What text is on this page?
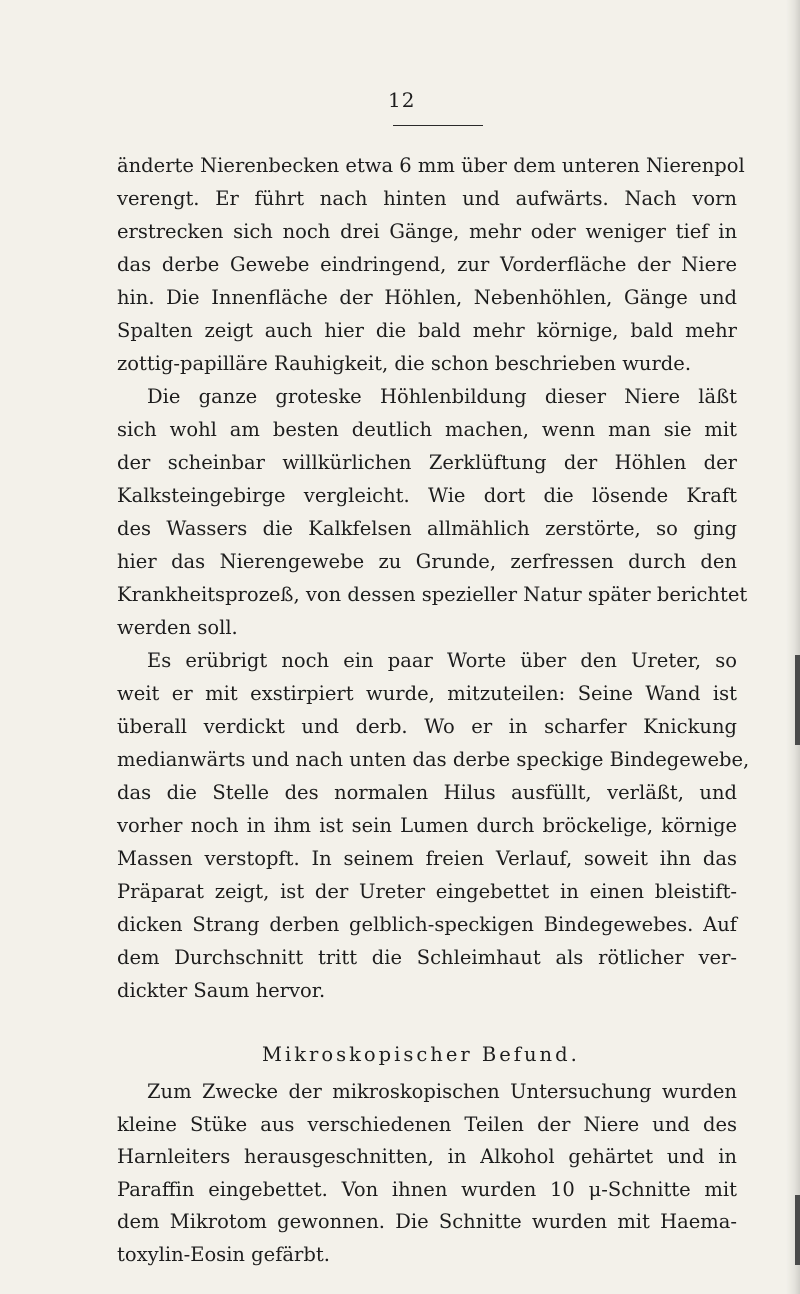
12
änderte Nierenbecken etwa 6 mm über dem unteren Nierenpol
verengt. Er führt nach hinten und aufwärts. Nach vorn
erstrecken sich noch drei Gänge, mehr oder weniger tief in
das derbe Gewebe eindringend, zur Vorderfläche der Niere
hin. Die Innenfläche der Höhlen, Nebenhöhlen, Gänge und
Spalten zeigt auch hier die bald mehr körnige, bald mehr
zottig-papilläre Rauhigkeit, die schon beschrieben wurde.
Die ganze groteske Höhlenbildung dieser Niere läßt
sich wohl am besten deutlich machen, wenn man sie mit
der scheinbar willkürlichen Zerklüftung der Höhlen der
Kalksteingebirge vergleicht. Wie dort die lösende Kraft
des Wassers die Kalkfelsen allmählich zerstörte, so ging
hier das Nierengewebe zu Grunde, zerfressen durch den
Krankheitsprozeß, von dessen spezieller Natur später berichtet
werden soll.
Es erübrigt noch ein paar Worte über den Ureter, so
weit er mit exstirpiert wurde, mitzuteilen: Seine Wand ist
überall verdickt und derb. Wo er in scharfer Knickung
medianwärts und nach unten das derbe speckige Bindegewebe,
das die Stelle des normalen Hilus ausfüllt, verläßt, und
vorher noch in ihm ist sein Lumen durch bröckelige, körnige
Massen verstopft. In seinem freien Verlauf, soweit ihn das
Präparat zeigt, ist der Ureter eingebettet in einen bleistift-
dicken Strang derben gelblich-speckigen Bindegewebes. Auf
dem Durchschnitt tritt die Schleimhaut als rötlicher ver-
dickter Saum hervor.
Mikroskopischer Befund.
Zum Zwecke der mikroskopischen Untersuchung wurden
kleine Stüke aus verschiedenen Teilen der Niere und des
Harnleiters herausgeschnitten, in Alkohol gehärtet und in
Paraffin eingebettet. Von ihnen wurden 10 μ-Schnitte mit
dem Mikrotom gewonnen. Die Schnitte wurden mit Haema-
toxylin-Eosin gefärbt.
